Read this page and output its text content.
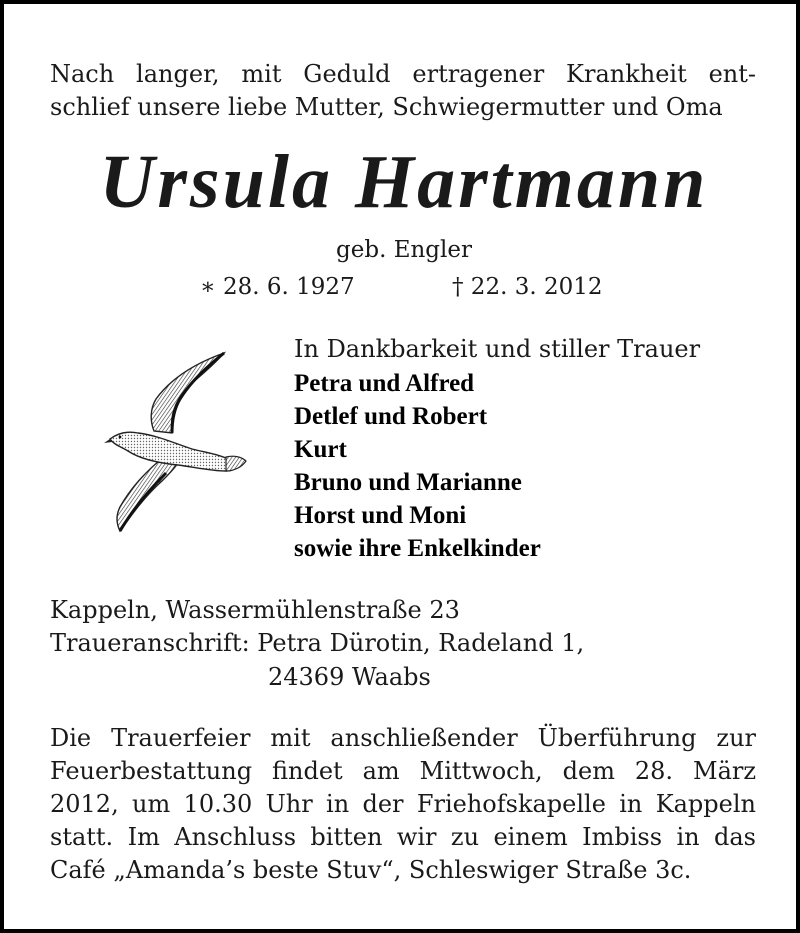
Nach langer, mit Geduld ertragener Krankheit ent-
schlief unsere liebe Mutter, Schwiegermutter und Oma
Ursula Hartmann
geb. Engler
∗ 28. 6. 1927	† 22. 3. 2012
In Dankbarkeit und stiller Trauer
Petra und Alfred
Detlef und Robert
Kurt
Bruno und Marianne
Horst und Moni
sowie ihre Enkelkinder
Kappeln, Wassermühlenstraße 23
Traueranschrift: Petra Dürotin, Radeland 1,
24369 Waabs
Die Trauerfeier mit anschließender Überführung zur
Feuerbestattung findet am Mittwoch, dem 28. März
2012, um 10.30 Uhr in der Friehofskapelle in Kappeln
statt. Im Anschluss bitten wir zu einem Imbiss in das
Café „Amanda’s beste Stuv“, Schleswiger Straße 3c.
